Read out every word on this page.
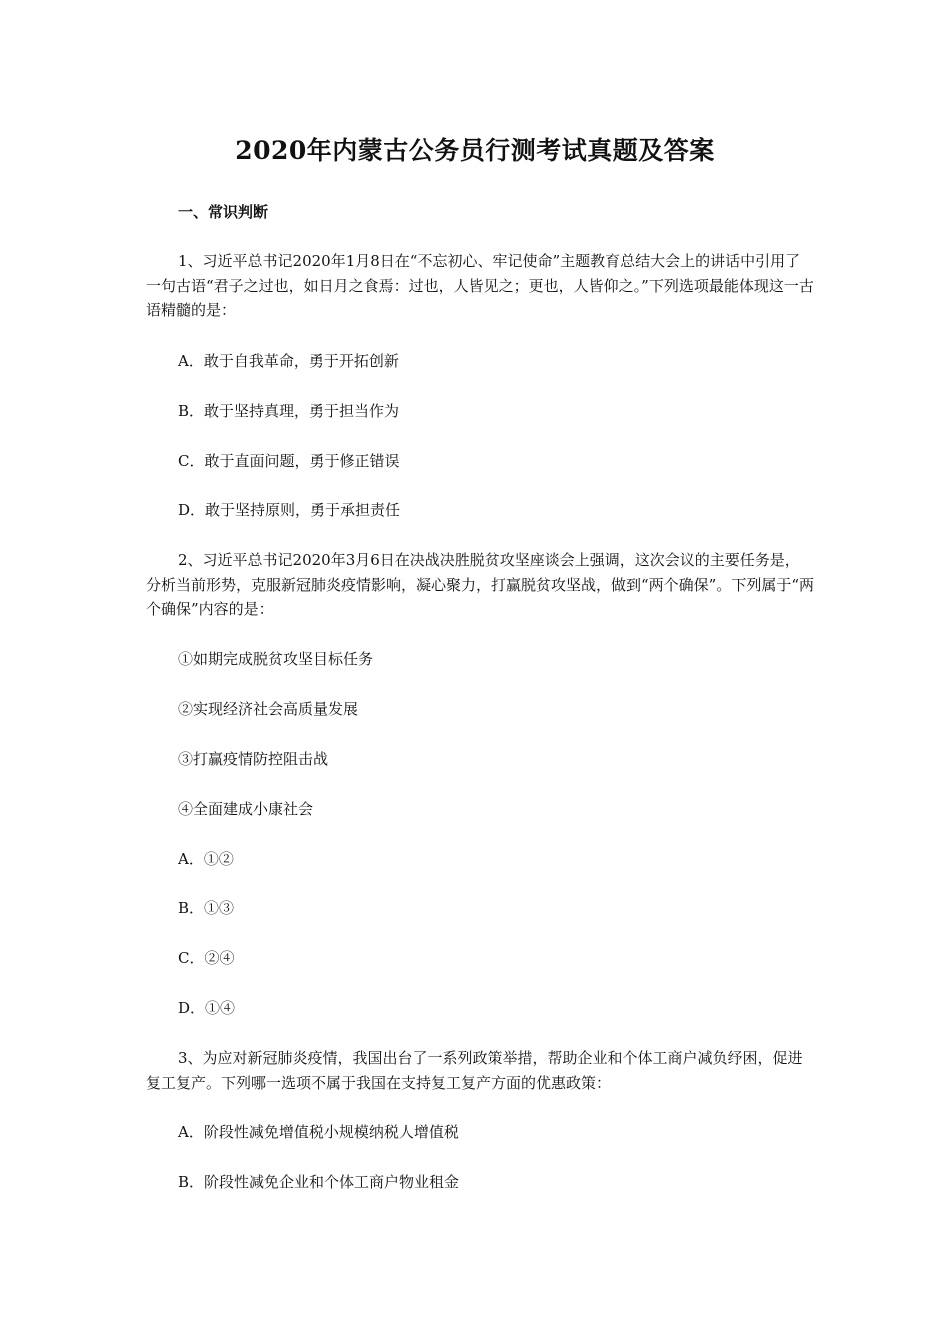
2020年内蒙古公务员行测考试真题及答案
一、常识判断

1、习近平总书记2020年1月8日在“不忘初心、牢记使命”主题教育总结大会上的讲话中引用了一句古语“君子之过也，如日月之食焉：过也，人皆见之；更也，人皆仰之。”下列选项最能体现这一古语精髓的是：

A．敢于自我革命，勇于开拓创新
B．敢于坚持真理，勇于担当作为
C．敢于直面问题，勇于修正错误
D．敢于坚持原则，勇于承担责任

2、习近平总书记2020年3月6日在决战决胜脱贫攻坚座谈会上强调，这次会议的主要任务是，分析当前形势，克服新冠肺炎疫情影响，凝心聚力，打赢脱贫攻坚战，做到“两个确保”。下列属于“两个确保”内容的是：

①如期完成脱贫攻坚目标任务
②实现经济社会高质量发展
③打赢疫情防控阻击战
④全面建成小康社会
A．①②
B．①③
C．②④
D．①④

3、为应对新冠肺炎疫情，我国出台了一系列政策举措，帮助企业和个体工商户减负纾困，促进复工复产。下列哪一选项不属于我国在支持复工复产方面的优惠政策：

A．阶段性减免增值税小规模纳税人增值税
B．阶段性减免企业和个体工商户物业租金
